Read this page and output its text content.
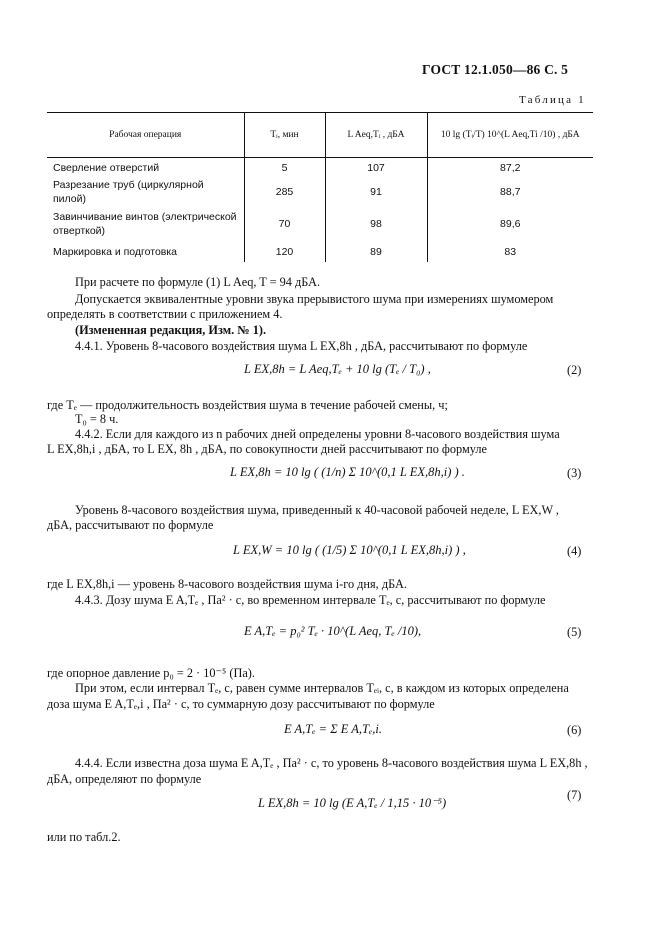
ГОСТ 12.1.050—86 С. 5
Таблица 1
Рабочая операция	Tᵢ, мин	L Aeq,Tᵢ , дБА	10 lg (Tᵢ/T) 10^(L Aeq,Ti /10) , дБА
Сверление отверстий	5	107	87,2
Разрезание труб (циркулярной пилой)	285	91	88,7
Завинчивание винтов (электрической отверткой)	70	98	89,6
Маркировка и подготовка	120	89	83
При расчете по формуле (1) L Aeq, T = 94 дБА.
Допускается эквивалентные уровни звука прерывистого шума при измерениях шумомером
определять в соответствии с приложением 4.
(Измененная редакция, Изм. № 1).
4.4.1. Уровень 8-часового воздействия шума L EX,8h , дБА, рассчитывают по формуле
L EX,8h = L Aeq,Tₑ + 10 lg (Tₑ / T₀) ,	(2)
где Tₑ — продолжительность воздействия шума в течение рабочей смены, ч;
T₀ = 8 ч.
4.4.2. Если для каждого из n рабочих дней определены уровни 8-часового воздействия шума
L EX,8h,i , дБА, то L EX, 8h , дБА, по совокупности дней рассчитывают по формуле
L EX,8h = 10 lg ( (1/n) Σ 10^(0,1 L EX,8h,i) ) .	(3)
Уровень 8-часового воздействия шума, приведенный к 40-часовой рабочей неделе, L EX,W ,
дБА, рассчитывают по формуле
L EX,W = 10 lg ( (1/5) Σ 10^(0,1 L EX,8h,i) ) ,	(4)
где L EX,8h,i — уровень 8-часового воздействия шума i-го дня, дБА.
4.4.3. Дозу шума E A,Tₑ , Па² · с, во временном интервале Tₑ, с, рассчитывают по формуле
E A,Tₑ = p₀² Tₑ · 10^(L Aeq, Tₑ /10),	(5)
где опорное давление p₀ = 2 · 10⁻⁵ (Па).
При этом, если интервал Tₑ, с, равен сумме интервалов Tₑᵢ, с, в каждом из которых определена
доза шума E A,Tₑ,i , Па² · с, то суммарную дозу рассчитывают по формуле
E A,Tₑ = Σ E A,Tₑ,i.	(6)
4.4.4. Если известна доза шума E A,Tₑ , Па² · с, то уровень 8-часового воздействия шума L EX,8h ,
дБА, определяют по формуле
L EX,8h = 10 lg (E A,Tₑ / 1,15 · 10⁻⁵)
(7)
или по табл.2.
